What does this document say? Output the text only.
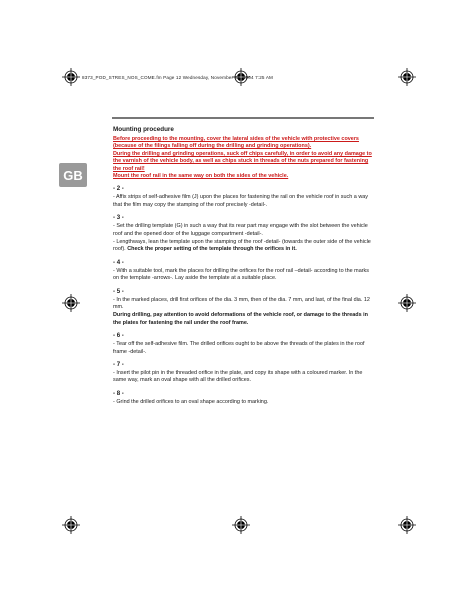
8373_POD_STRES_NOS_COME.fm Page 12 Wednesday, November 24, 2004 7:25 AM
GB

Mounting procedure

Before proceeding to the mounting, cover the lateral sides of the vehicle with protective covers (because of the filings falling off during the drilling and grinding operations).

During the drilling and grinding operations, suck off chips carefully, in order to avoid any damage to the varnish of the vehicle body, as well as chips stuck in threads of the nuts prepared for fastening the roof rail!

Mount the roof rail in the same way on both the sides of the vehicle.

- 2 -

- Affix strips of self-adhesive film (J) upon the places for fastening the rail on the vehicle roof in such a way that the film may copy the stamping of the roof precisely -detail-.

- 3 -

- Set the drilling template (G) in such a way that its rear part may engage with the slot between the vehicle roof and the opened door of the luggage compartment -detail-.

- Lengthways, lean the template upon the stamping of the roof -detail- (towards the outer side of the vehicle roof). Check the proper setting of the template through the orifices in it.

- 4 -

- With a suitable tool, mark the places for drilling the orifices for the roof rail –detail- according to the marks on the template -arrows-. Lay aside the template at a suitable place.

- 5 -

- In the marked places, drill first orifices of the dia. 3 mm, then of the dia. 7 mm, and last, of the final dia. 12 mm.

During drilling, pay attention to avoid deformations of the vehicle roof, or damage to the threads in the plates for fastening the rail under the roof frame.

- 6 -

- Tear off the self-adhesive film. The drilled orifices ought to be above the threads of the plates in the roof frame -detail-.

- 7 -

- Insert the pilot pin in the threaded orifice in the plate, and copy its shape with a coloured marker. In the same way, mark an oval shape with all the drilled orifices.

- 8 -

- Grind the drilled orifices to an oval shape according to marking.
